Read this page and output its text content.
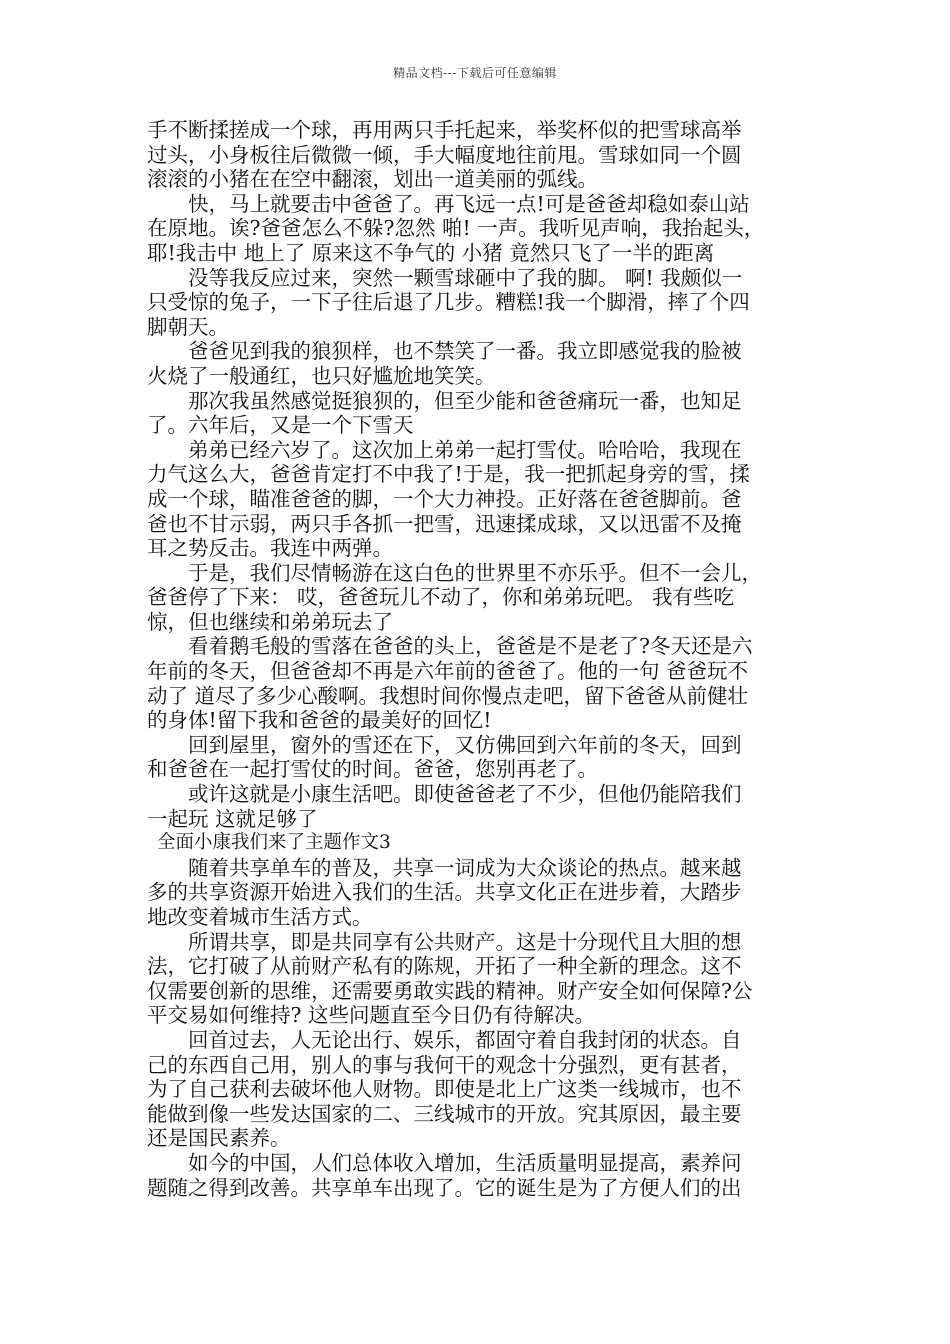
精品文档---下载后可任意编辑
手不断揉搓成一个球，再用两只手托起来，举奖杯似的把雪球高举
过头，小身板往后微微一倾，手大幅度地往前甩。雪球如同一个圆
滚滚的小猪在在空中翻滚，划出一道美丽的弧线。
快，马上就要击中爸爸了。再飞远一点!可是爸爸却稳如泰山站
在原地。诶?爸爸怎么不躲?忽然 啪! 一声。我听见声响，我抬起头，
耶!我击中 地上了 原来这不争气的 小猪 竟然只飞了一半的距离
没等我反应过来，突然一颗雪球砸中了我的脚。 啊! 我颇似一
只受惊的兔子，一下子往后退了几步。糟糕!我一个脚滑，摔了个四
脚朝天。
爸爸见到我的狼狈样，也不禁笑了一番。我立即感觉我的脸被
火烧了一般通红，也只好尴尬地笑笑。
那次我虽然感觉挺狼狈的，但至少能和爸爸痛玩一番，也知足
了。六年后，又是一个下雪天
弟弟已经六岁了。这次加上弟弟一起打雪仗。哈哈哈，我现在
力气这么大，爸爸肯定打不中我了!于是，我一把抓起身旁的雪，揉
成一个球，瞄准爸爸的脚，一个大力神投。正好落在爸爸脚前。爸
爸也不甘示弱，两只手各抓一把雪，迅速揉成球，又以迅雷不及掩
耳之势反击。我连中两弹。
于是，我们尽情畅游在这白色的世界里不亦乐乎。但不一会儿，
爸爸停了下来： 哎，爸爸玩儿不动了，你和弟弟玩吧。 我有些吃
惊，但也继续和弟弟玩去了
看着鹅毛般的雪落在爸爸的头上，爸爸是不是老了?冬天还是六
年前的冬天，但爸爸却不再是六年前的爸爸了。他的一句 爸爸玩不
动了 道尽了多少心酸啊。我想时间你慢点走吧，留下爸爸从前健壮
的身体!留下我和爸爸的最美好的回忆!
回到屋里，窗外的雪还在下，又仿佛回到六年前的冬天，回到
和爸爸在一起打雪仗的时间。爸爸，您别再老了。
或许这就是小康生活吧。即使爸爸老了不少，但他仍能陪我们
一起玩 这就足够了
全面小康我们来了主题作文3
随着共享单车的普及，共享一词成为大众谈论的热点。越来越
多的共享资源开始进入我们的生活。共享文化正在进步着，大踏步
地改变着城市生活方式。
所谓共享，即是共同享有公共财产。这是十分现代且大胆的想
法，它打破了从前财产私有的陈规，开拓了一种全新的理念。这不
仅需要创新的思维，还需要勇敢实践的精神。财产安全如何保障?公
平交易如何维持? 这些问题直至今日仍有待解决。
回首过去，人无论出行、娱乐，都固守着自我封闭的状态。自
己的东西自己用，别人的事与我何干的观念十分强烈，更有甚者，
为了自己获利去破坏他人财物。即使是北上广这类一线城市，也不
能做到像一些发达国家的二、三线城市的开放。究其原因，最主要
还是国民素养。
如今的中国，人们总体收入增加，生活质量明显提高，素养问
题随之得到改善。共享单车出现了。它的诞生是为了方便人们的出
